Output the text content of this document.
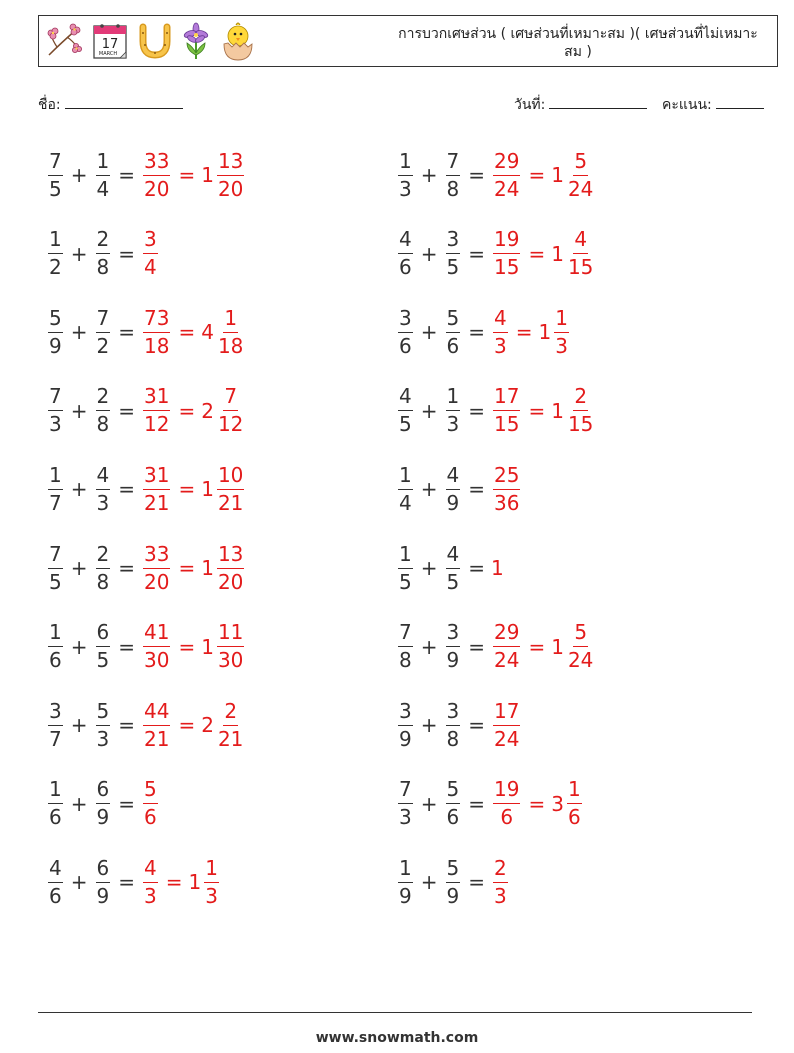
17
MARCH
การบวกเศษส่วน ( เศษส่วนที่เหมาะสม )( เศษส่วนที่ไม่เหมาะสม )
ชื่อ:	วันที่:	คะแนน:
$\frac{7}{5} + \frac{1}{4} = \frac{33}{20} = 1 \frac{13}{20}$	$\frac{1}{3} + \frac{7}{8} = \frac{29}{24} = 1 \frac{5}{24}$
$\frac{1}{2} + \frac{2}{8} = \frac{3}{4}$	$\frac{4}{6} + \frac{3}{5} = \frac{19}{15} = 1 \frac{4}{15}$
$\frac{5}{9} + \frac{7}{2} = \frac{73}{18} = 4 \frac{1}{18}$	$\frac{3}{6} + \frac{5}{6} = \frac{4}{3} = 1 \frac{1}{3}$
$\frac{7}{3} + \frac{2}{8} = \frac{31}{12} = 2 \frac{7}{12}$	$\frac{4}{5} + \frac{1}{3} = \frac{17}{15} = 1 \frac{2}{15}$
$\frac{1}{7} + \frac{4}{3} = \frac{31}{21} = 1 \frac{10}{21}$	$\frac{1}{4} + \frac{4}{9} = \frac{25}{36}$
$\frac{7}{5} + \frac{2}{8} = \frac{33}{20} = 1 \frac{13}{20}$	$\frac{1}{5} + \frac{4}{5} = 1$
$\frac{1}{6} + \frac{6}{5} = \frac{41}{30} = 1 \frac{11}{30}$	$\frac{7}{8} + \frac{3}{9} = \frac{29}{24} = 1 \frac{5}{24}$
$\frac{3}{7} + \frac{5}{3} = \frac{44}{21} = 2 \frac{2}{21}$	$\frac{3}{9} + \frac{3}{8} = \frac{17}{24}$
$\frac{1}{6} + \frac{6}{9} = \frac{5}{6}$	$\frac{7}{3} + \frac{5}{6} = \frac{19}{6} = 3 \frac{1}{6}$
$\frac{4}{6} + \frac{6}{9} = \frac{4}{3} = 1 \frac{1}{3}$	$\frac{1}{9} + \frac{5}{9} = \frac{2}{3}$
www.snowmath.com
